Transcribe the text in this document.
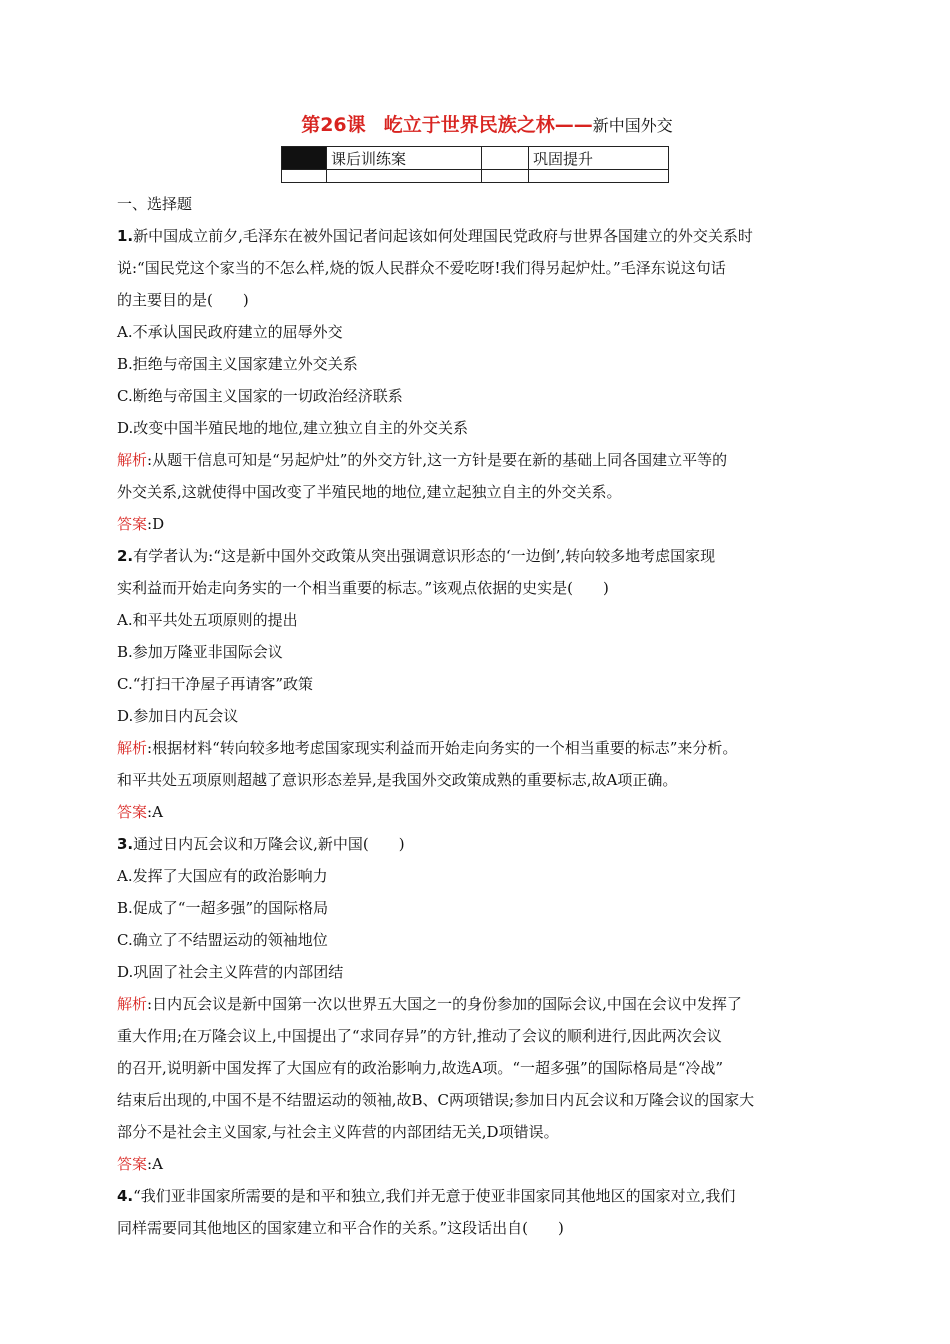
第26课 屹立于世界民族之林——新中国外交
	课后训练案		巩固提升

一、选择题
1.新中国成立前夕,毛泽东在被外国记者问起该如何处理国民党政府与世界各国建立的外交关系时
说:“国民党这个家当的不怎么样,烧的饭人民群众不爱吃呀!我们得另起炉灶。”毛泽东说这句话
的主要目的是(　　)
A.不承认国民政府建立的屈辱外交
B.拒绝与帝国主义国家建立外交关系
C.断绝与帝国主义国家的一切政治经济联系
D.改变中国半殖民地的地位,建立独立自主的外交关系
解析:从题干信息可知是“另起炉灶”的外交方针,这一方针是要在新的基础上同各国建立平等的
外交关系,这就使得中国改变了半殖民地的地位,建立起独立自主的外交关系。
答案:D
2.有学者认为:“这是新中国外交政策从突出强调意识形态的‘一边倒’,转向较多地考虑国家现
实利益而开始走向务实的一个相当重要的标志。”该观点依据的史实是(　　)
A.和平共处五项原则的提出
B.参加万隆亚非国际会议
C.“打扫干净屋子再请客”政策
D.参加日内瓦会议
解析:根据材料“转向较多地考虑国家现实利益而开始走向务实的一个相当重要的标志”来分析。
和平共处五项原则超越了意识形态差异,是我国外交政策成熟的重要标志,故A项正确。
答案:A
3.通过日内瓦会议和万隆会议,新中国(　　)
A.发挥了大国应有的政治影响力
B.促成了“一超多强”的国际格局
C.确立了不结盟运动的领袖地位
D.巩固了社会主义阵营的内部团结
解析:日内瓦会议是新中国第一次以世界五大国之一的身份参加的国际会议,中国在会议中发挥了
重大作用;在万隆会议上,中国提出了“求同存异”的方针,推动了会议的顺利进行,因此两次会议
的召开,说明新中国发挥了大国应有的政治影响力,故选A项。“一超多强”的国际格局是“冷战”
结束后出现的,中国不是不结盟运动的领袖,故B、C两项错误;参加日内瓦会议和万隆会议的国家大
部分不是社会主义国家,与社会主义阵营的内部团结无关,D项错误。
答案:A
4.“我们亚非国家所需要的是和平和独立,我们并无意于使亚非国家同其他地区的国家对立,我们
同样需要同其他地区的国家建立和平合作的关系。”这段话出自(　　)
